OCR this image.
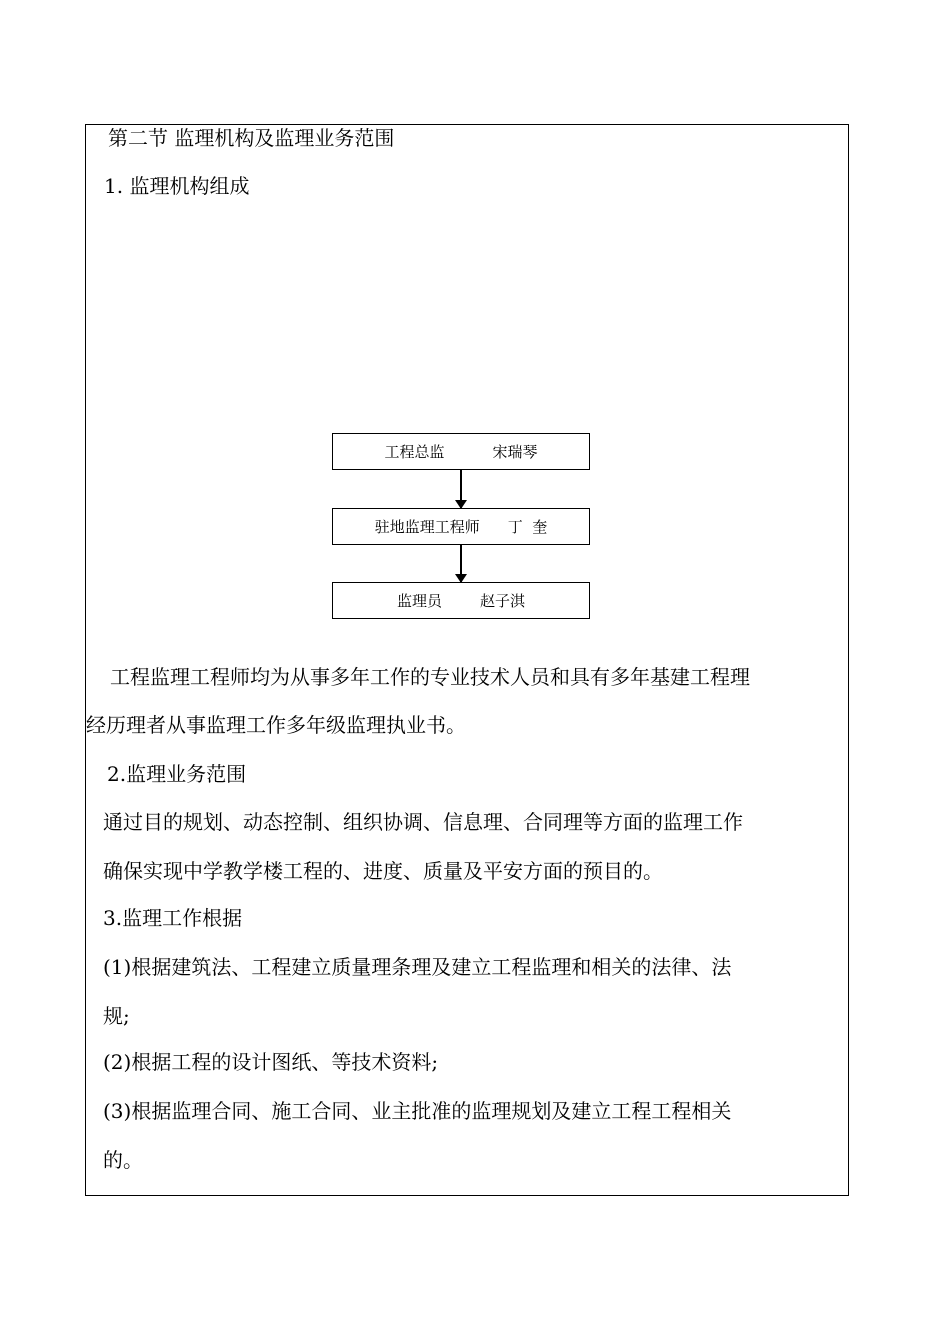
第二节 监理机构及监理业务范围
1. 监理机构组成
工程总监	宋瑞琴
驻地监理工程师 丁  奎
监理员	赵子淇
工程监理工程师均为从事多年工作的专业技术人员和具有多年基建工程理
经历理者从事监理工作多年级监理执业书。
2.监理业务范围
通过目的规划、动态控制、组织协调、信息理、合同理等方面的监理工作
确保实现中学教学楼工程的、进度、质量及平安方面的预目的。
3.监理工作根据
(1)根据建筑法、工程建立质量理条理及建立工程监理和相关的法律、法
规;
(2)根据工程的设计图纸、等技术资料;
(3)根据监理合同、施工合同、业主批准的监理规划及建立工程工程相关
的。
